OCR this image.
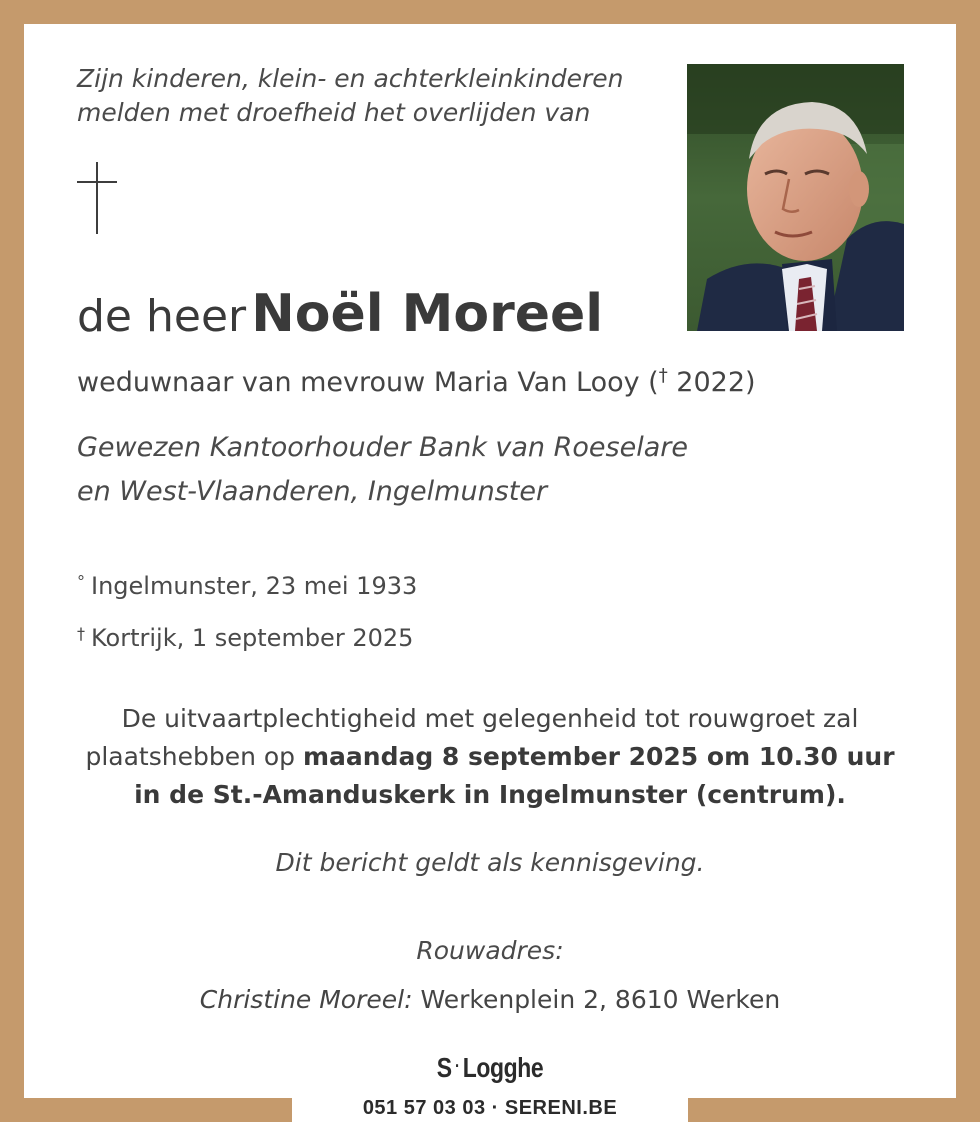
Zijn kinderen, klein- en achterkleinkinderen
melden met droefheid het overlijden van
de heer Noël Moreel
weduwnaar van mevrouw Maria Van Looy († 2022)
Gewezen Kantoorhouder Bank van Roeselare
en West-Vlaanderen, Ingelmunster
° Ingelmunster, 23 mei 1933
† Kortrijk, 1 september 2025
De uitvaartplechtigheid met gelegenheid tot rouwgroet zal
plaatshebben op maandag 8 september 2025 om 10.30 uur
in de St.-Amanduskerk in Ingelmunster (centrum).
Dit bericht geldt als kennisgeving.
Rouwadres:
Christine Moreel: Werkenplein 2, 8610 Werken
S · Logghe
051 57 03 03 · SERENI.BE
